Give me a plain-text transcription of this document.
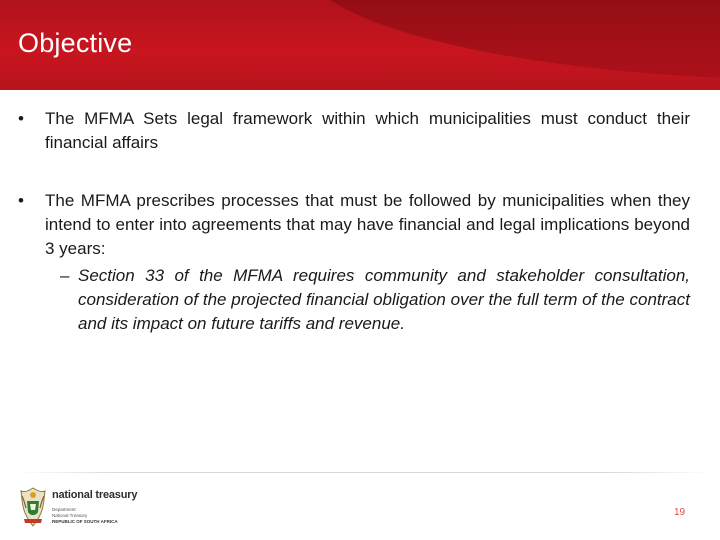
Objective
• The MFMA Sets legal framework within which municipalities must conduct their financial affairs
• The MFMA prescribes processes that must be followed by municipalities when they intend to enter into agreements that may have financial and legal implications beyond 3 years:
– Section 33 of the MFMA requires community and stakeholder consultation, consideration of the projected financial obligation over the full term of the contract and its impact on future tariffs and revenue.
national treasury
Department:
National Treasury
REPUBLIC OF SOUTH AFRICA
19
